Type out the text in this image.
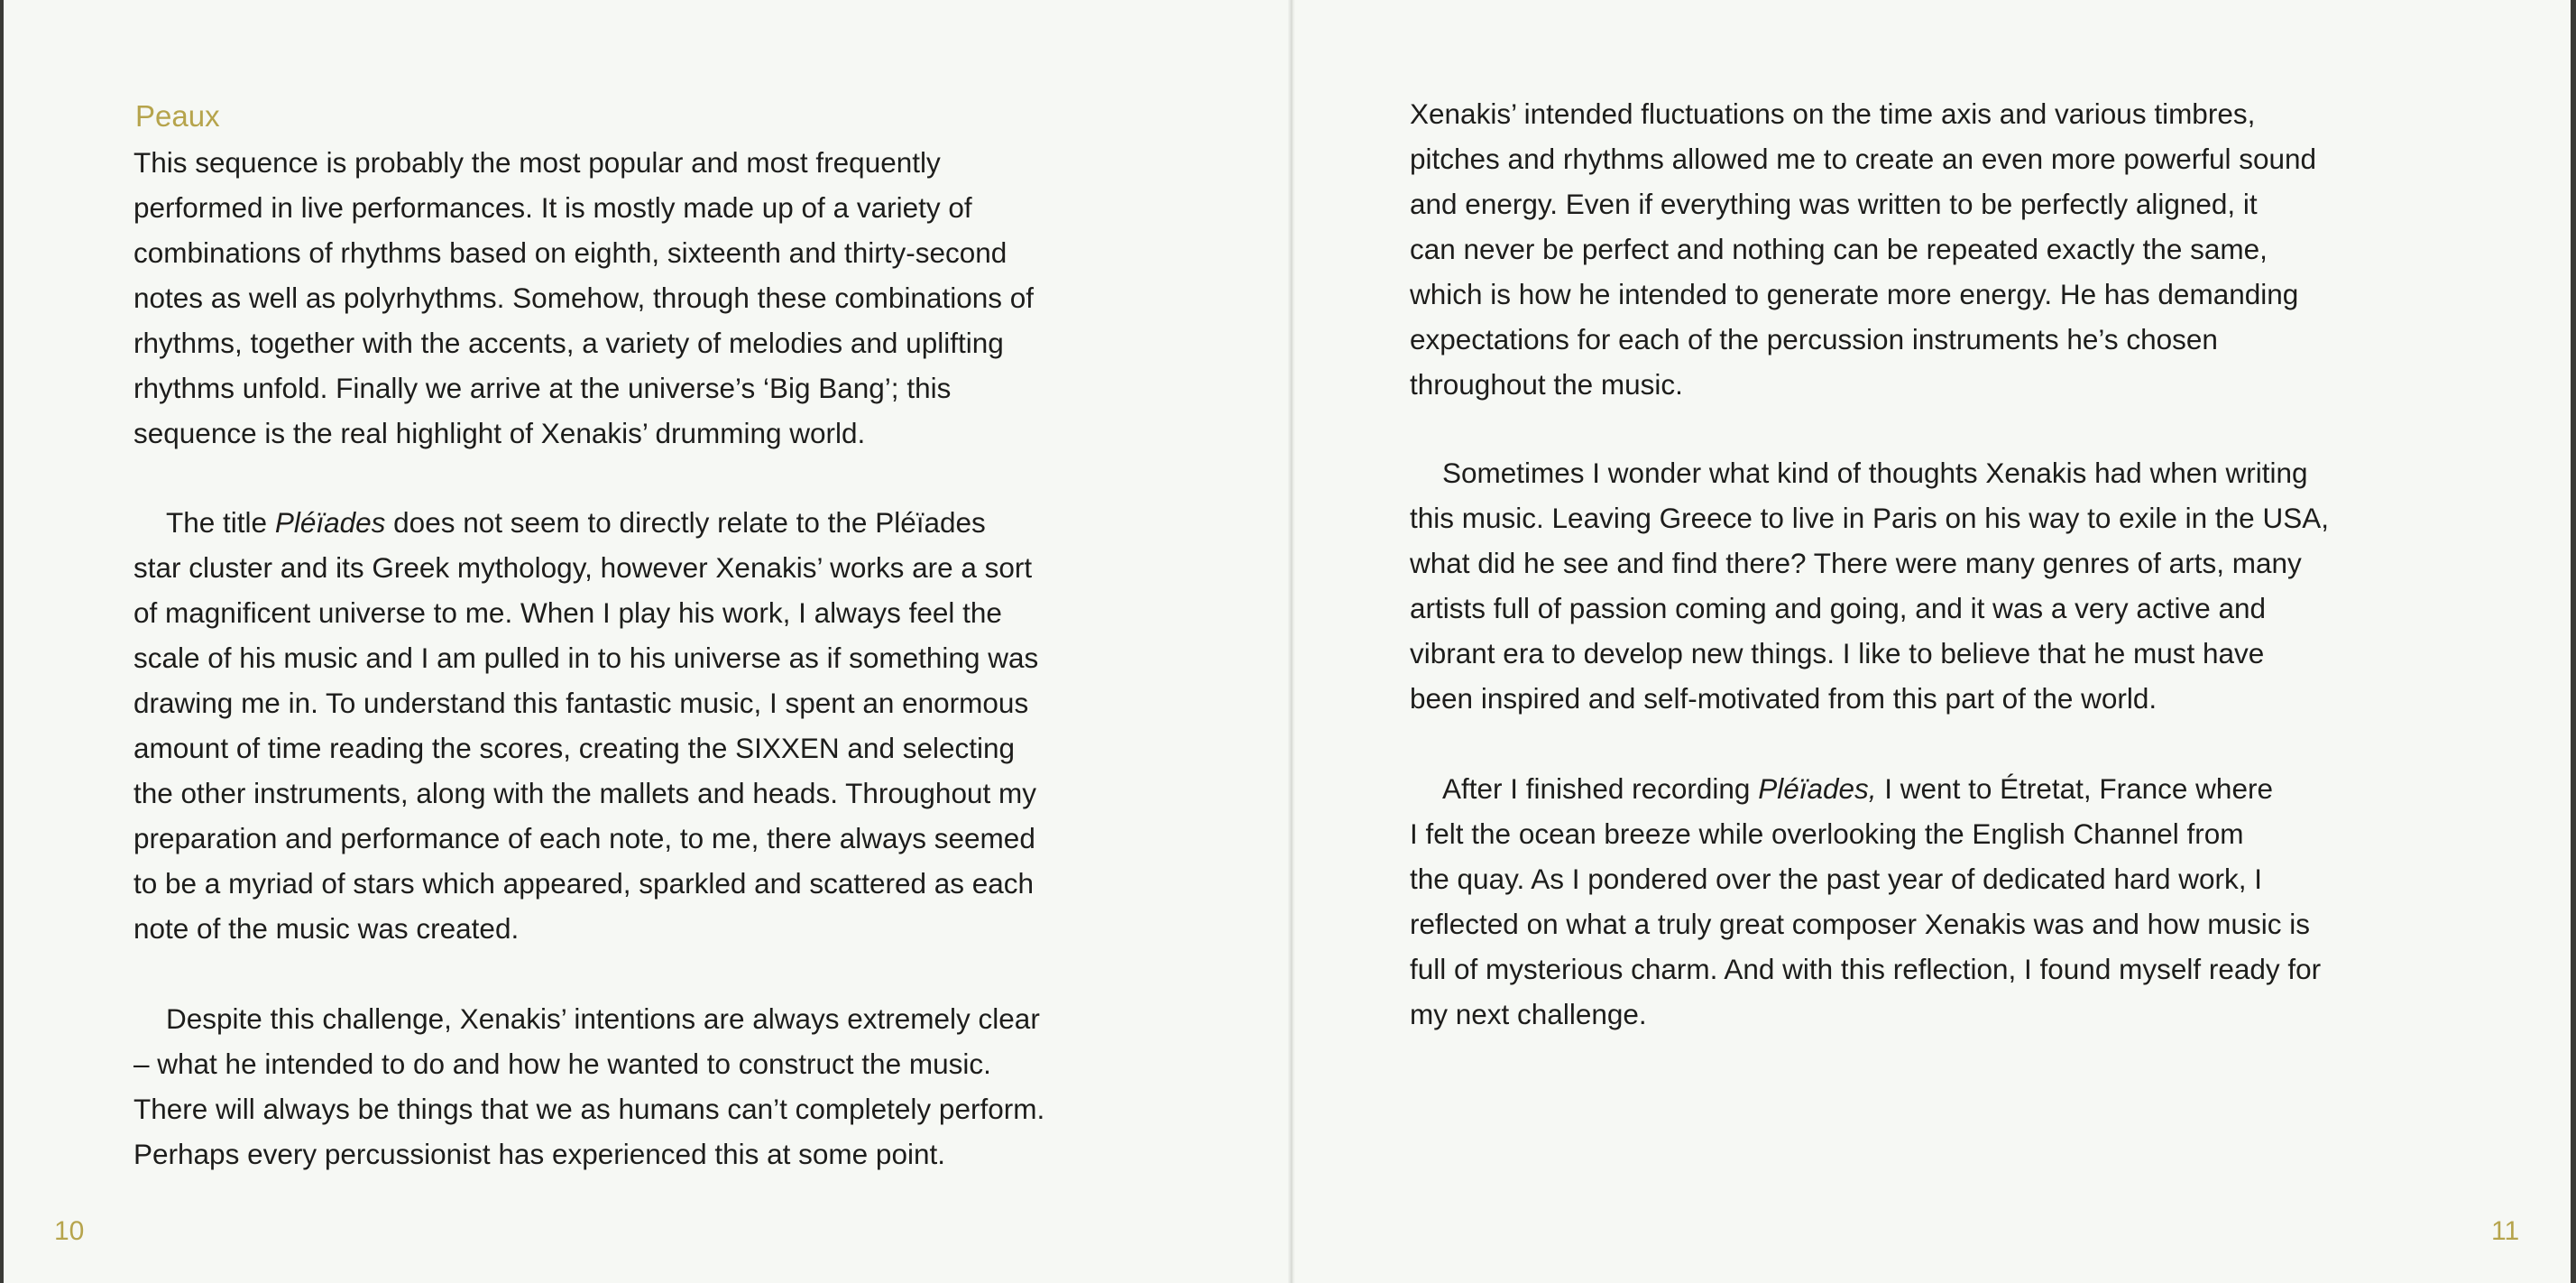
Peaux
This sequence is probably the most popular and most frequently
performed in live performances. It is mostly made up of a variety of
combinations of rhythms based on eighth, sixteenth and thirty-second
notes as well as polyrhythms. Somehow, through these combinations of
rhythms, together with the accents, a variety of melodies and uplifting
rhythms unfold. Finally we arrive at the universe’s ‘Big Bang’; this
sequence is the real highlight of Xenakis’ drumming world.
The title Pléïades does not seem to directly relate to the Pléïades
star cluster and its Greek mythology, however Xenakis’ works are a sort
of magnificent universe to me. When I play his work, I always feel the
scale of his music and I am pulled in to his universe as if something was
drawing me in. To understand this fantastic music, I spent an enormous
amount of time reading the scores, creating the SIXXEN and selecting
the other instruments, along with the mallets and heads. Throughout my
preparation and performance of each note, to me, there always seemed
to be a myriad of stars which appeared, sparkled and scattered as each
note of the music was created.
Despite this challenge, Xenakis’ intentions are always extremely clear
– what he intended to do and how he wanted to construct the music.
There will always be things that we as humans can’t completely perform.
Perhaps every percussionist has experienced this at some point.
10
Xenakis’ intended fluctuations on the time axis and various timbres,
pitches and rhythms allowed me to create an even more powerful sound
and energy. Even if everything was written to be perfectly aligned, it
can never be perfect and nothing can be repeated exactly the same,
which is how he intended to generate more energy. He has demanding
expectations for each of the percussion instruments he’s chosen
throughout the music.
Sometimes I wonder what kind of thoughts Xenakis had when writing
this music. Leaving Greece to live in Paris on his way to exile in the USA,
what did he see and find there? There were many genres of arts, many
artists full of passion coming and going, and it was a very active and
vibrant era to develop new things. I like to believe that he must have
been inspired and self-motivated from this part of the world.
After I finished recording Pléïades, I went to Étretat, France where
I felt the ocean breeze while overlooking the English Channel from
the quay. As I pondered over the past year of dedicated hard work, I
reflected on what a truly great composer Xenakis was and how music is
full of mysterious charm. And with this reflection, I found myself ready for
my next challenge.
11
